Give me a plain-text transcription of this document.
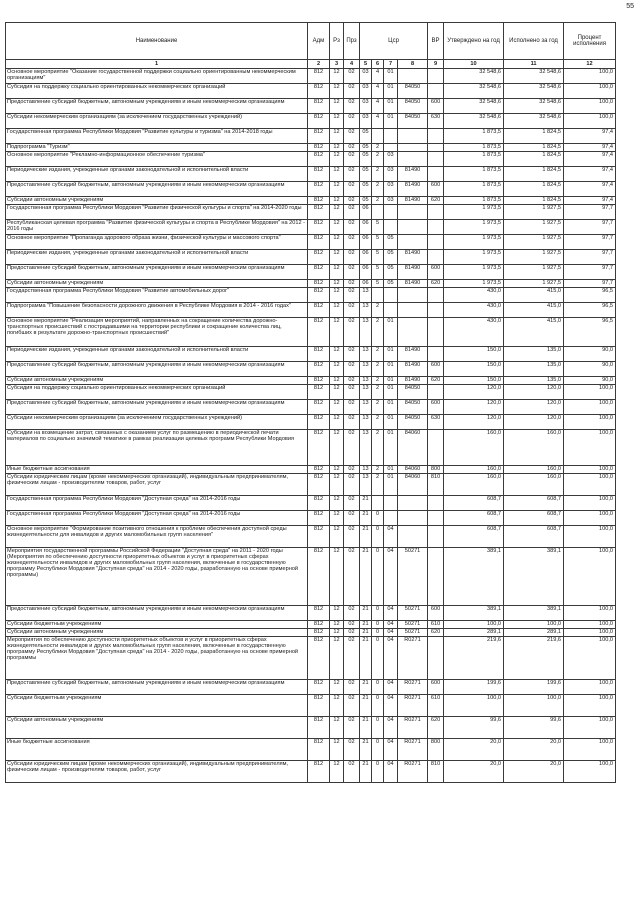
55
Наименование	Адм	Рз	Прз	Цср				ВР	Утверждено на год	Исполнено за год	Процент исполнения
1	2	3	4	5	6	7	8	9	10	11	12
Основное мероприятие "Оказание государственной поддержки социально ориентированным некоммерческим организациям"	812	12	02	03	4	01			32 548,6	32 548,6	100,0
Субсидия на поддержку социально ориентированных некоммерческих организаций	812	12	02	03	4	01	84050		32 548,6	32 548,6	100,0
Предоставление субсидий бюджетным, автономным учреждениям и иным некоммерческим организациям	812	12	02	03	4	01	84050	600	32 548,6	32 548,6	100,0
Субсидии некоммерческим организациям (за исключением государственных учреждений)	812	12	02	03	4	01	84050	630	32 548,6	32 548,6	100,0
Государственная программа Республики Мордовия "Развитие культуры и туризма" на 2014-2018 годы	812	12	02	05					1 873,5	1 824,5	97,4
Подпрограмма "Туризм"	812	12	02	05	2				1 873,5	1 824,5	97,4
Основное мероприятие "Рекламно-информационное обеспечение туризма"	812	12	02	05	2	03			1 873,5	1 824,5	97,4
Периодические издания, учрежденные органами законодательной и исполнительной власти	812	12	02	05	2	03	81490		1 873,5	1 824,5	97,4
Предоставление субсидий бюджетным, автономным учреждениям и иным некоммерческим организациям	812	12	02	05	2	03	81490	600	1 873,5	1 824,5	97,4
Субсидии автономным учреждениям	812	12	02	05	2	03	81490	620	1 873,5	1 824,5	97,4
Государственная программа Республики Мордовия "Развитие физической культуры и спорта" на 2014-2020 годы	812	12	02	06					1 973,5	1 927,5	97,7
Республиканская целевая программа "Развитие физической культуры и спорта в Республике Мордовия" на 2012 - 2016 годы	812	12	02	06	5				1 973,5	1 927,5	97,7
Основное мероприятие "Пропаганда здорового образа жизни, физической культуры и массового спорта"	812	12	02	06	5	05			1 973,5	1 927,5	97,7
Периодические издания, учрежденные органами законодательной и исполнительной власти	812	12	02	06	5	05	81490		1 973,5	1 927,5	97,7
Предоставление субсидий бюджетным, автономным учреждениям и иным некоммерческим организациям	812	12	02	06	5	05	81490	600	1 973,5	1 927,5	97,7
Субсидии автономным учреждениям	812	12	02	06	5	05	81490	620	1 973,5	1 927,5	97,7
Государственная программа Республики Мордовия "Развитие автомобильных дорог"	812	12	02	13					430,0	415,0	96,5
Подпрограмма "Повышение безопасности дорожного движения в Республике Мордовия в 2014 - 2016 годах"	812	12	02	13	2				430,0	415,0	96,5
Основное мероприятие "Реализация мероприятий, направленных на сокращение количества дорожно-транспортных происшествий с пострадавшими на территории республики и сокращение количества лиц, погибших в результате дорожно-транспортных происшествий"	812	12	02	13	2	01			430,0	415,0	96,5
Периодические издания, учрежденные органами законодательной и исполнительной власти	812	12	02	13	2	01	81490		150,0	135,0	90,0
Предоставление субсидий бюджетным, автономным учреждениям и иным некоммерческим организациям	812	12	02	13	2	01	81490	600	150,0	135,0	90,0
Субсидии автономным учреждениям	812	12	02	13	2	01	81490	620	150,0	135,0	90,0
Субсидия на поддержку социально ориентированных некоммерческих организаций	812	12	02	13	2	01	84050		120,0	120,0	100,0
Предоставление субсидий бюджетным, автономным учреждениям и иным некоммерческим организациям	812	12	02	13	2	01	84050	600	120,0	120,0	100,0
Субсидии некоммерческим организациям (за исключением государственных учреждений)	812	12	02	13	2	01	84050	630	120,0	120,0	100,0
Субсидии на возмещение затрат, связанных с оказанием услуг по размещению в периодической печати материалов по социально значимой тематике в рамках реализации целевых программ Республики Мордовия	812	12	02	13	2	01	84060		160,0	160,0	100,0
Иные бюджетные ассигнования	812	12	02	13	2	01	84060	800	160,0	160,0	100,0
Субсидии юридическим лицам (кроме некоммерческих организаций), индивидуальным предпринимателям, физическим лицам - производителям товаров, работ, услуг	812	12	02	13	2	01	84060	810	160,0	160,0	100,0
Государственная программа Республики Мордовия "Доступная среда" на 2014-2016 годы	812	12	02	21					608,7	608,7	100,0
Государственная программа Республики Мордовия "Доступная среда" на 2014-2016 годы	812	12	02	21	0				608,7	608,7	100,0
Основное мероприятие "Формирование позитивного отношения к проблеме обеспечения доступной среды жизнедеятельности для инвалидов и других маломобильных групп населения"	812	12	02	21	0	04			608,7	608,7	100,0
Мероприятия государственной программы Российской Федерации "Доступная среда" на 2011 - 2020 годы (Мероприятия по обеспечению доступности приоритетных объектов и услуг в приоритетных сферах жизнедеятельности инвалидов и других маломобильных групп населения, включенные в государственную программу Республики Мордовия "Доступная среда" на 2014 - 2020 годы, разработанную на основе примерной программы)	812	12	02	21	0	04	50271		389,1	389,1	100,0
Предоставление субсидий бюджетным, автономным учреждениям и иным некоммерческим организациям	812	12	02	21	0	04	50271	600	389,1	389,1	100,0
Субсидии бюджетным учреждениям	812	12	02	21	0	04	50271	610	100,0	100,0	100,0
Субсидии автономным учреждениям	812	12	02	21	0	04	50271	620	289,1	289,1	100,0
Мероприятия по обеспечению доступности приоритетных объектов и услуг в приоритетных сферах жизнедеятельности инвалидов и других маломобильных групп населения, включенные в государственную программу Республики Мордовия "Доступная среда" на 2014 - 2020 годы, разработанную на основе примерной программы	812	12	02	21	0	04	R0271		219,6	219,6	100,0
Предоставление субсидий бюджетным, автономным учреждениям и иным некоммерческим организациям	812	12	02	21	0	04	R0271	600	199,6	199,6	100,0
Субсидии бюджетным учреждениям	812	12	02	21	0	04	R0271	610	100,0	100,0	100,0
Субсидии автономным учреждениям	812	12	02	21	0	04	R0271	620	99,6	99,6	100,0
Иные бюджетные ассигнования	812	12	02	21	0	04	R0271	800	20,0	20,0	100,0
Субсидии юридическим лицам (кроме некоммерческих организаций), индивидуальным предпринимателям, физическим лицам - производителям товаров, работ, услуг	812	12	02	21	0	04	R0271	810	20,0	20,0	100,0
